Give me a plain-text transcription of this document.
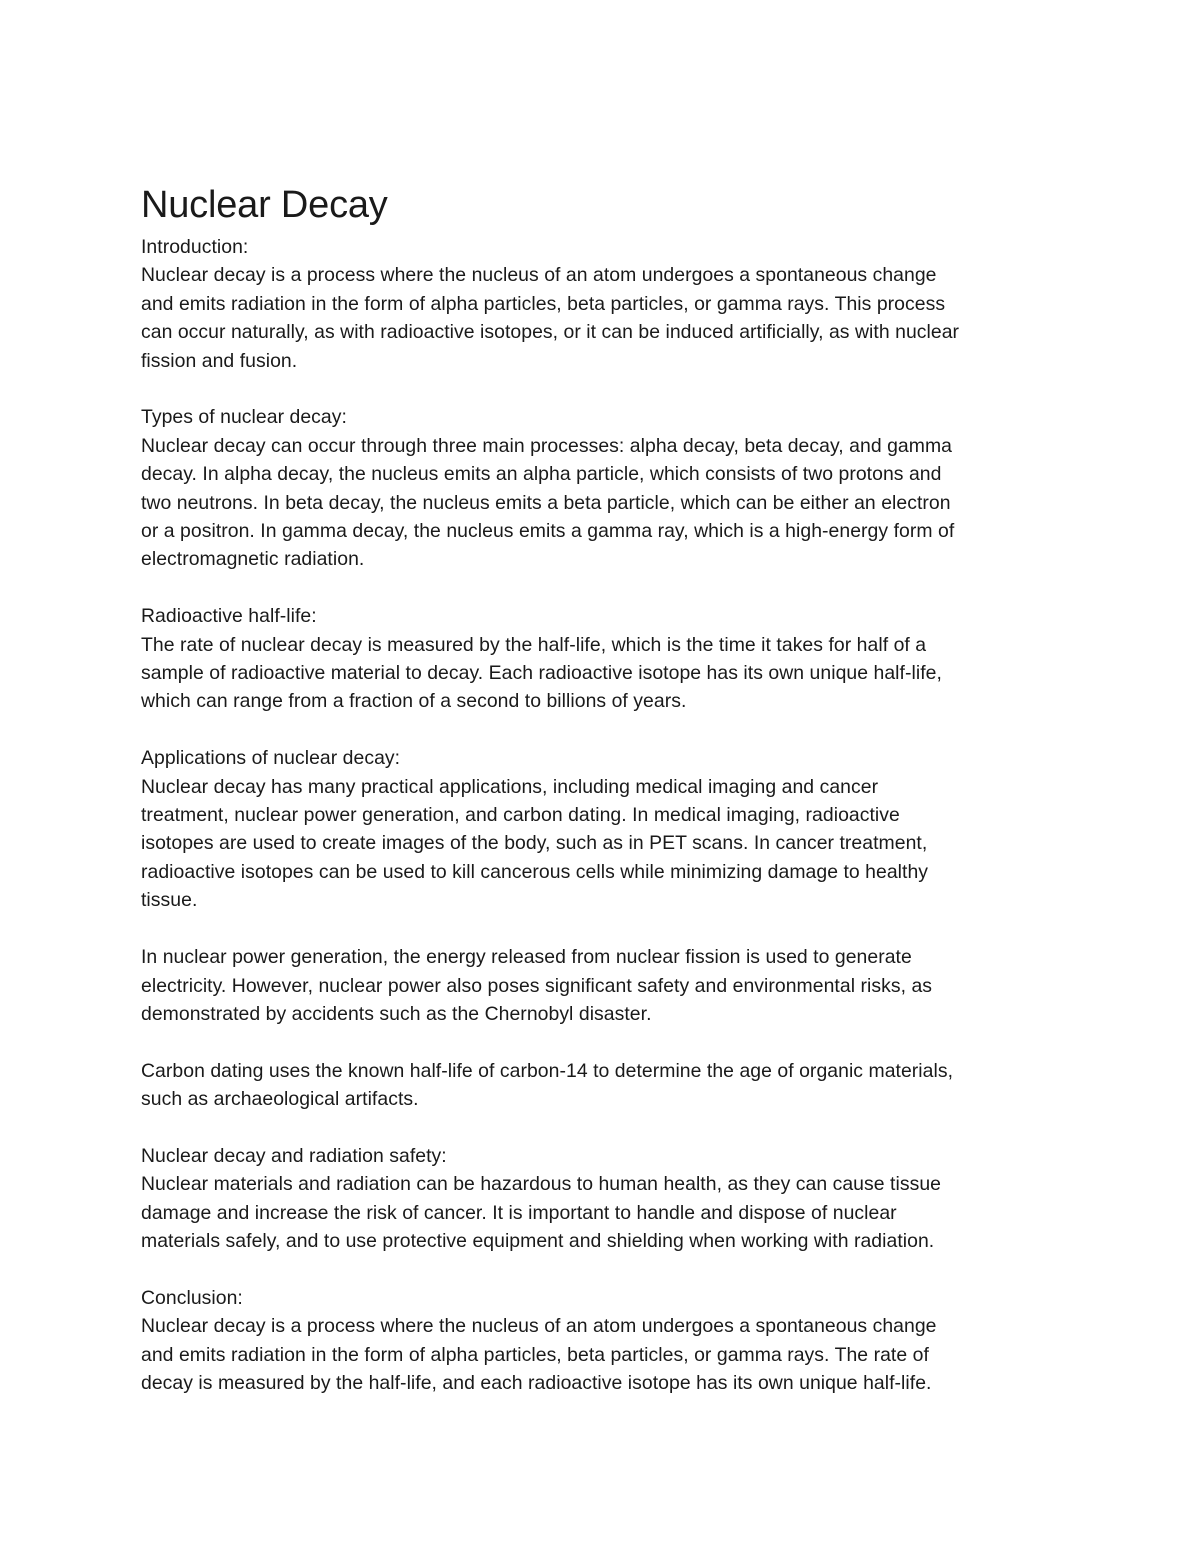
Nuclear Decay

Introduction:
Nuclear decay is a process where the nucleus of an atom undergoes a spontaneous change
and emits radiation in the form of alpha particles, beta particles, or gamma rays. This process
can occur naturally, as with radioactive isotopes, or it can be induced artificially, as with nuclear
fission and fusion.

Types of nuclear decay:
Nuclear decay can occur through three main processes: alpha decay, beta decay, and gamma
decay. In alpha decay, the nucleus emits an alpha particle, which consists of two protons and
two neutrons. In beta decay, the nucleus emits a beta particle, which can be either an electron
or a positron. In gamma decay, the nucleus emits a gamma ray, which is a high-energy form of
electromagnetic radiation.

Radioactive half-life:
The rate of nuclear decay is measured by the half-life, which is the time it takes for half of a
sample of radioactive material to decay. Each radioactive isotope has its own unique half-life,
which can range from a fraction of a second to billions of years.

Applications of nuclear decay:
Nuclear decay has many practical applications, including medical imaging and cancer
treatment, nuclear power generation, and carbon dating. In medical imaging, radioactive
isotopes are used to create images of the body, such as in PET scans. In cancer treatment,
radioactive isotopes can be used to kill cancerous cells while minimizing damage to healthy
tissue.

In nuclear power generation, the energy released from nuclear fission is used to generate
electricity. However, nuclear power also poses significant safety and environmental risks, as
demonstrated by accidents such as the Chernobyl disaster.

Carbon dating uses the known half-life of carbon-14 to determine the age of organic materials,
such as archaeological artifacts.

Nuclear decay and radiation safety:
Nuclear materials and radiation can be hazardous to human health, as they can cause tissue
damage and increase the risk of cancer. It is important to handle and dispose of nuclear
materials safely, and to use protective equipment and shielding when working with radiation.

Conclusion:
Nuclear decay is a process where the nucleus of an atom undergoes a spontaneous change
and emits radiation in the form of alpha particles, beta particles, or gamma rays. The rate of
decay is measured by the half-life, and each radioactive isotope has its own unique half-life.
